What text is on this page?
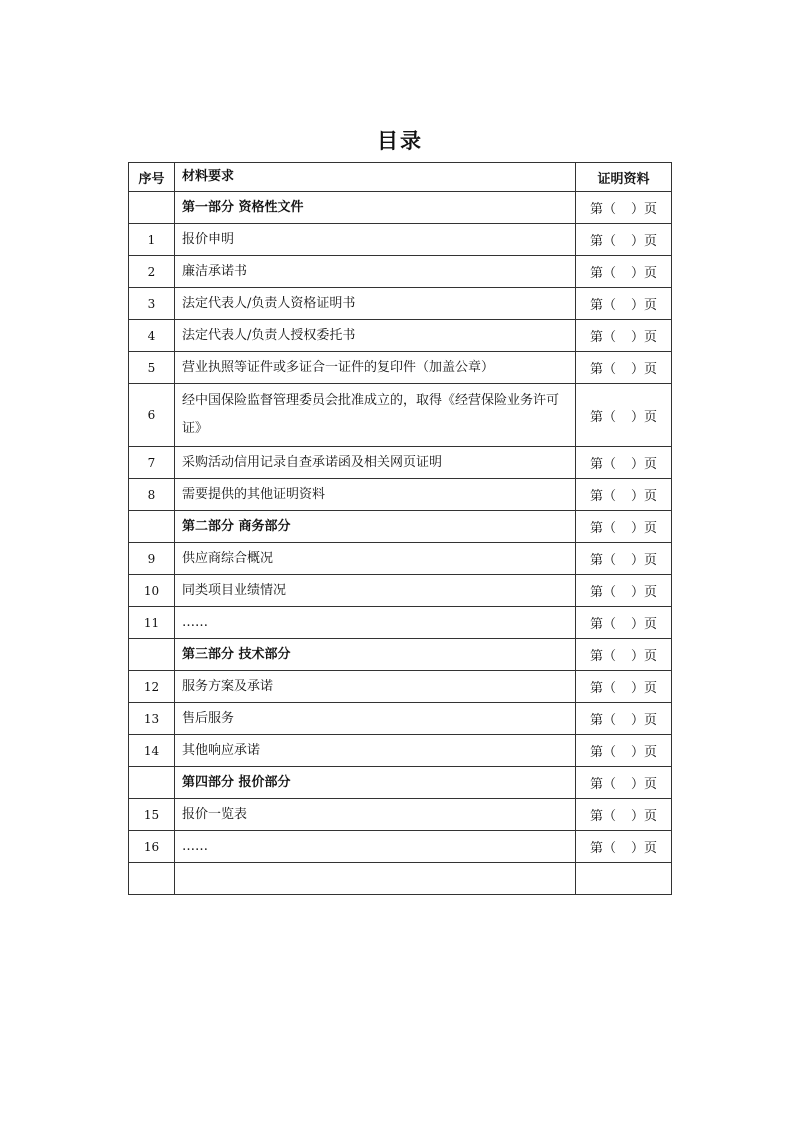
目录
序号	材料要求	证明资料
	第一部分 资格性文件	第（ ）页
1	报价申明	第（ ）页
2	廉洁承诺书	第（ ）页
3	法定代表人/负责人资格证明书	第（ ）页
4	法定代表人/负责人授权委托书	第（ ）页
5	营业执照等证件或多证合一证件的复印件（加盖公章）	第（ ）页
6	经中国保险监督管理委员会批准成立的，取得《经营保险业务许可证》	第（ ）页
7	采购活动信用记录自查承诺函及相关网页证明	第（ ）页
8	需要提供的其他证明资料	第（ ）页
	第二部分 商务部分	第（ ）页
9	供应商综合概况	第（ ）页
10	同类项目业绩情况	第（ ）页
11	……	第（ ）页
	第三部分 技术部分	第（ ）页
12	服务方案及承诺	第（ ）页
13	售后服务	第（ ）页
14	其他响应承诺	第（ ）页
	第四部分 报价部分	第（ ）页
15	报价一览表	第（ ）页
16	……	第（ ）页
